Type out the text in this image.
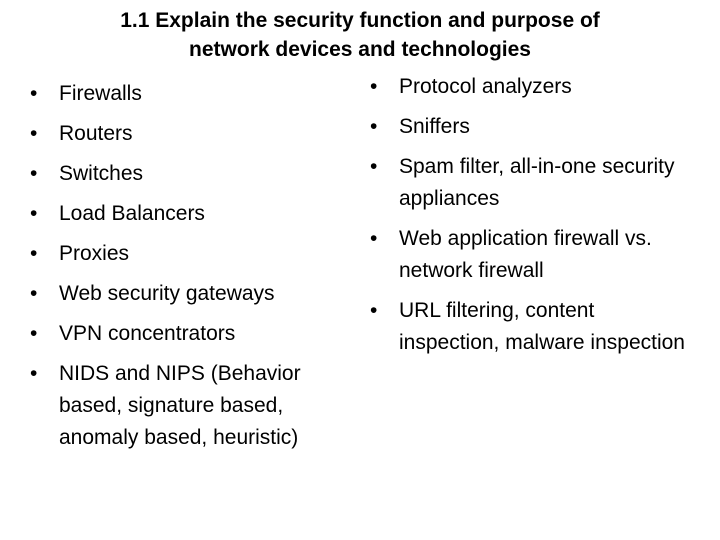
1.1 Explain the security function and purpose of
network devices and technologies
•	Firewalls
•	Routers
•	Switches
•	Load Balancers
•	Proxies
•	Web security gateways
•	VPN concentrators
•	NIDS and NIPS (Behavior based, signature based, anomaly based, heuristic)
•	Protocol analyzers
•	Sniffers
•	Spam filter, all-in-one security appliances
•	Web application firewall vs. network firewall
•	URL filtering, content inspection, malware inspection
